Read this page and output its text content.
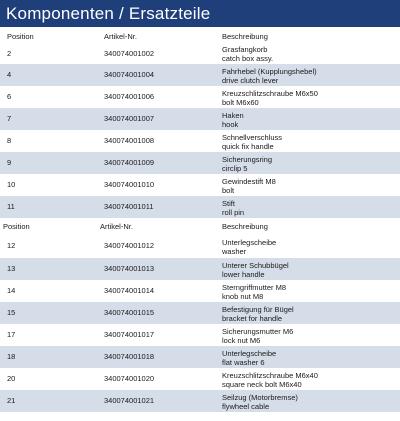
Komponenten / Ersatzteile
Position	Artikel-Nr.	Beschreibung
2	340074001002	Grasfangkorb
catch box assy.
4	340074001004	Fahrhebel (Kupplungshebel)
drive clutch lever
6	340074001006	Kreuzschlitzschraube M6x50
bolt M6x60
7	340074001007	Haken
hook
8	340074001008	Schnellverschluss
quick fix handle
9	340074001009	Sicherungsring
circlip 5
10	340074001010	Gewindestift M8
bolt
11	340074001011	Stift
roll pin
Position	Artikel-Nr.	Beschreibung
12	340074001012	Unterlegscheibe
washer
13	340074001013	Unterer Schubbügel
lower handle
14	340074001014	Sterngriffmutter M8
knob nut M8
15	340074001015	Befestigung für Bügel
bracket for handle
17	340074001017	Sicherungsmutter M6
lock nut M6
18	340074001018	Unterlegscheibe
flat washer 6
20	340074001020	Kreuzschlitzschraube M6x40
square neck bolt M6x40
21	340074001021	Seilzug (Motorbremse)
flywheel cable
